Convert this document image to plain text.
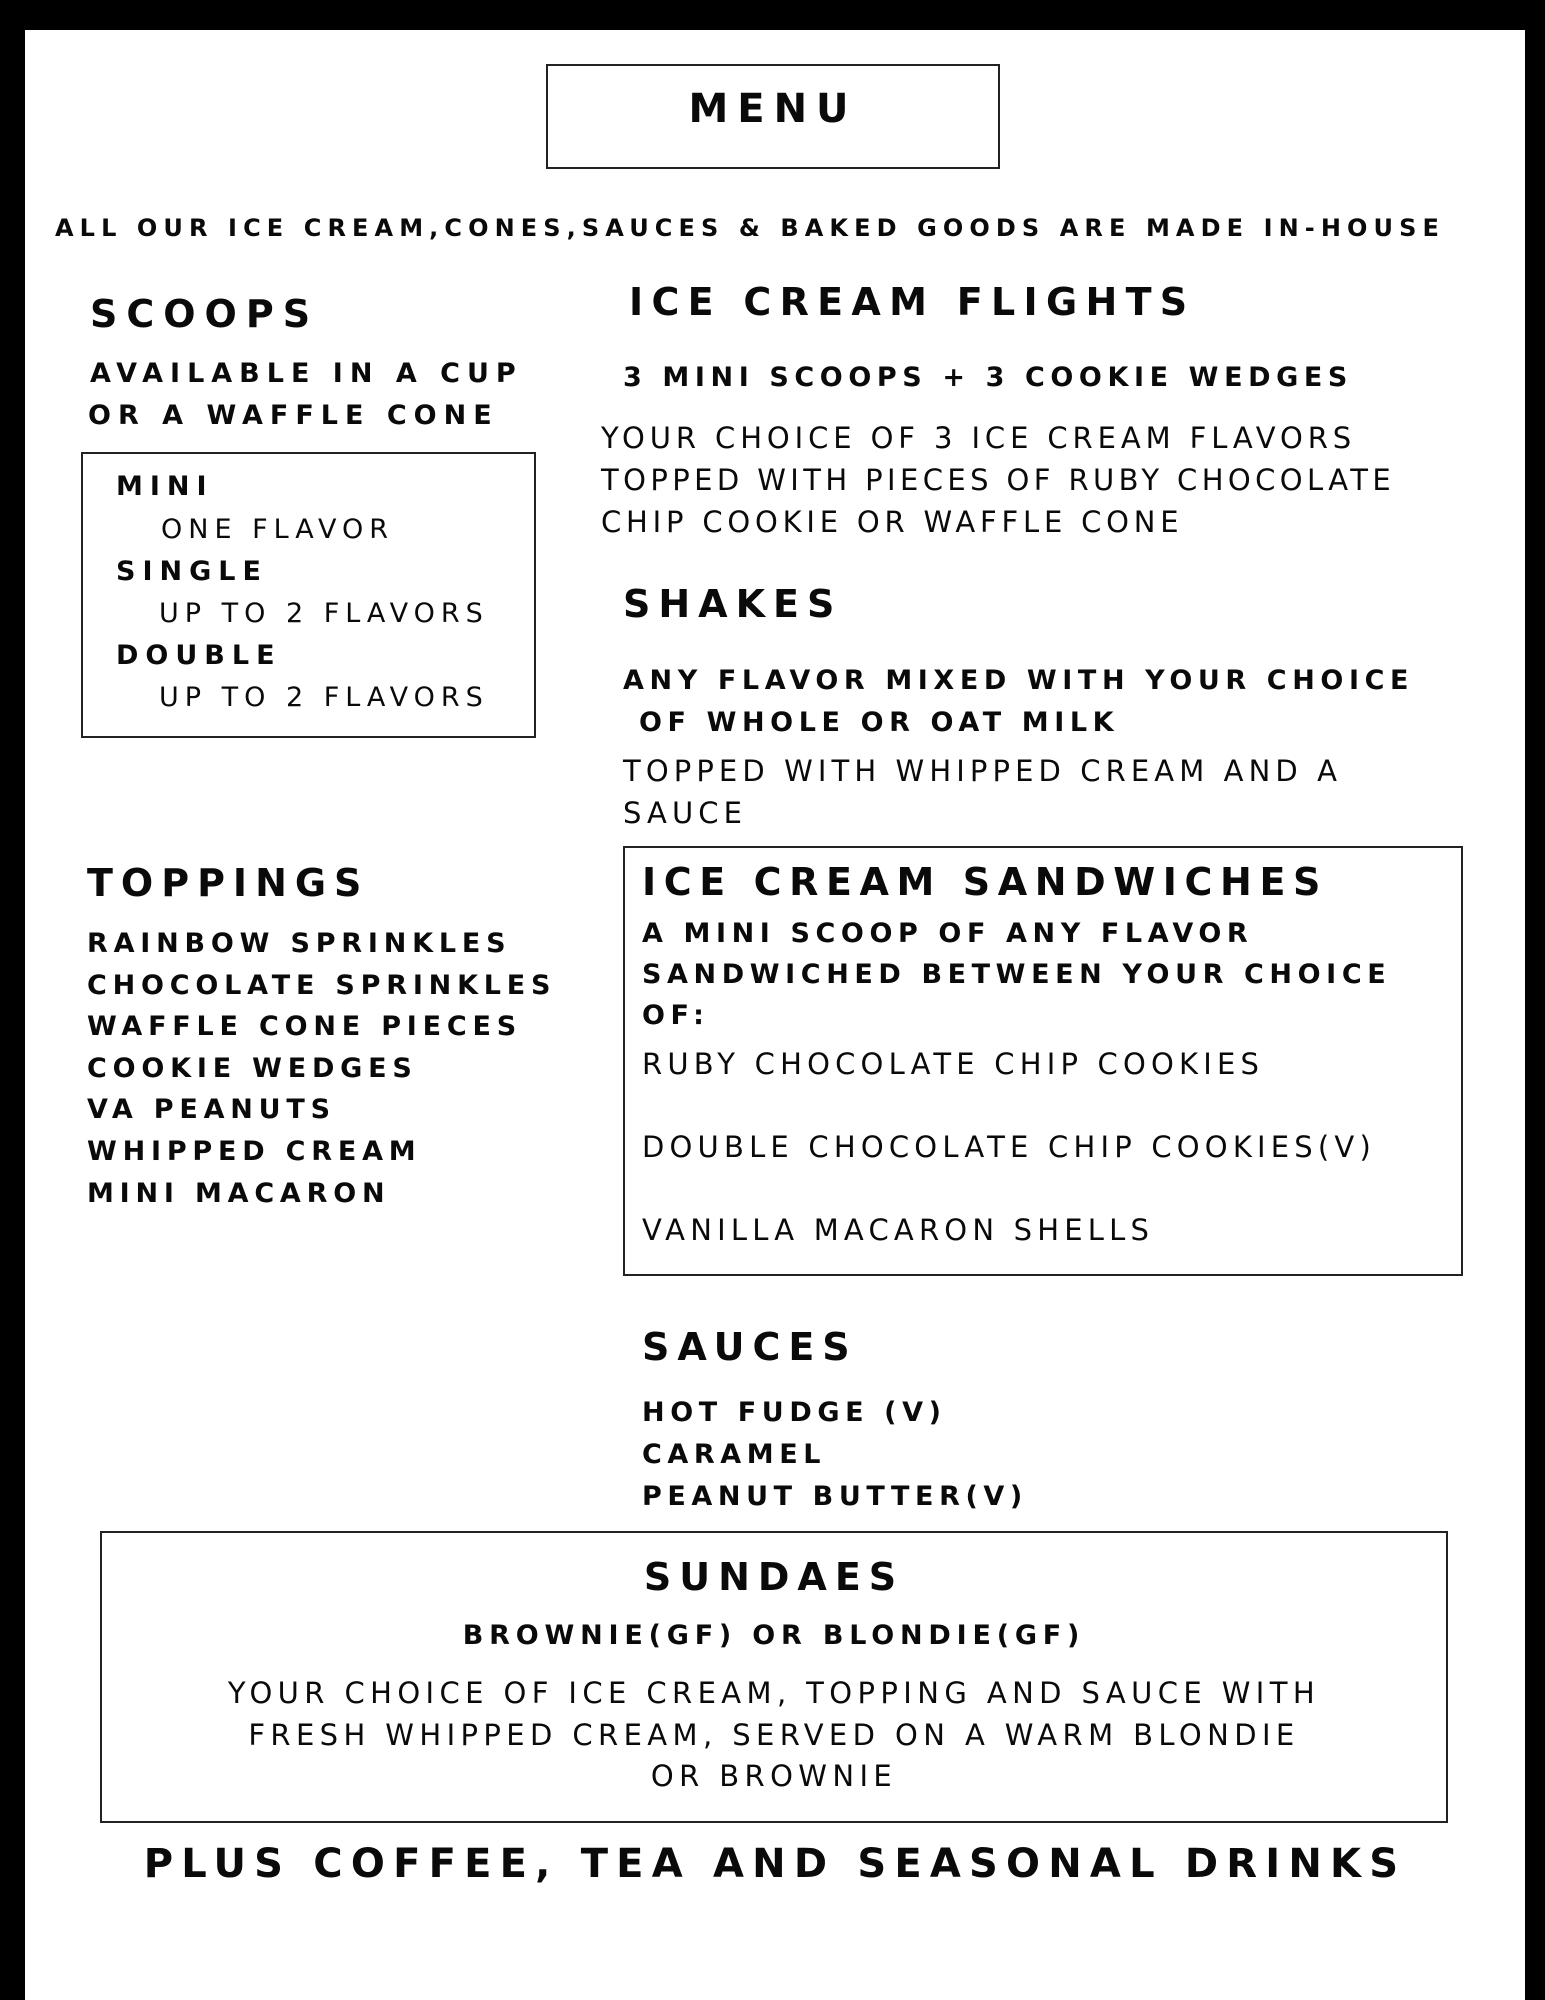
MENU
ALL OUR ICE CREAM,CONES,SAUCES & BAKED GOODS ARE MADE IN-HOUSE
SCOOPS
AVAILABLE IN A CUP
OR A WAFFLE CONE
MINI
ONE FLAVOR
SINGLE
UP TO 2 FLAVORS
DOUBLE
UP TO 2 FLAVORS
ICE CREAM FLIGHTS
3 MINI SCOOPS + 3 COOKIE WEDGES
YOUR CHOICE OF 3 ICE CREAM FLAVORS
TOPPED WITH PIECES OF RUBY CHOCOLATE
CHIP COOKIE OR WAFFLE CONE
SHAKES
ANY FLAVOR MIXED WITH YOUR CHOICE
OF WHOLE OR OAT MILK
TOPPED WITH WHIPPED CREAM AND A
SAUCE
TOPPINGS
RAINBOW SPRINKLES
CHOCOLATE SPRINKLES
WAFFLE CONE PIECES
COOKIE WEDGES
VA PEANUTS
WHIPPED CREAM
MINI MACARON
ICE CREAM SANDWICHES
A MINI SCOOP OF ANY FLAVOR
SANDWICHED BETWEEN YOUR CHOICE
OF:
RUBY CHOCOLATE CHIP COOKIES
DOUBLE CHOCOLATE CHIP COOKIES(V)
VANILLA MACARON SHELLS
SAUCES
HOT FUDGE (V)
CARAMEL
PEANUT BUTTER(V)
SUNDAES
BROWNIE(GF) OR BLONDIE(GF)
YOUR CHOICE OF ICE CREAM, TOPPING AND SAUCE WITH
FRESH WHIPPED CREAM, SERVED ON A WARM BLONDIE
OR BROWNIE
PLUS COFFEE, TEA AND SEASONAL DRINKS
